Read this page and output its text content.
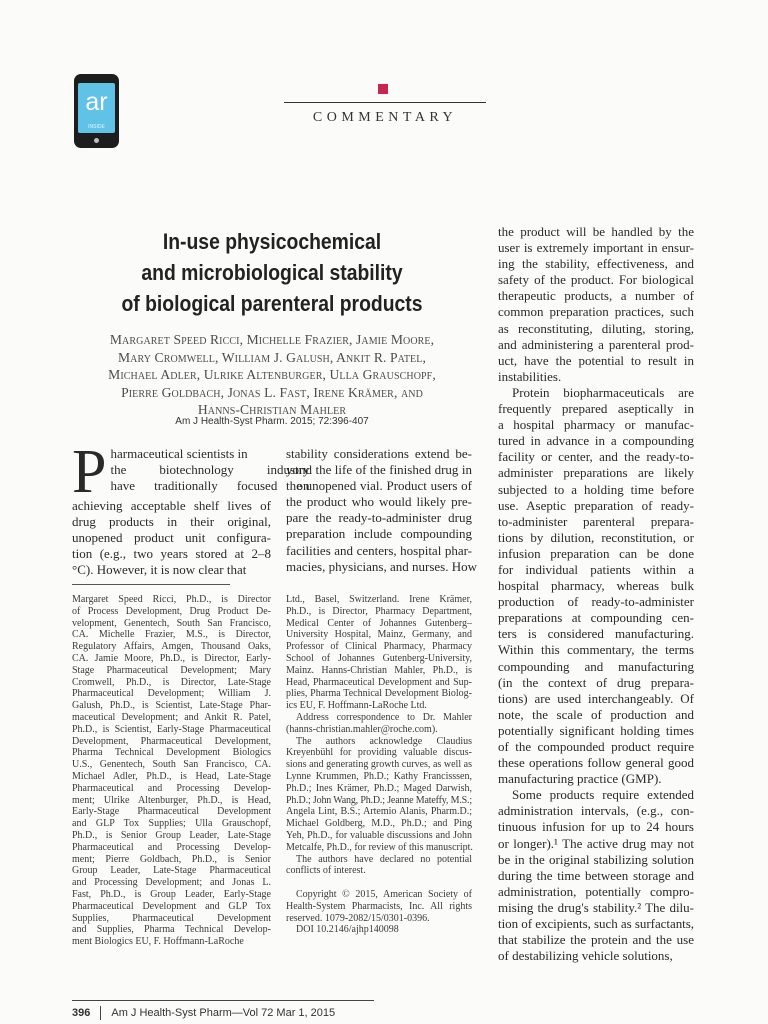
ar
INSIDE
COMMENTARY
In-use physicochemical
and microbiological stability
of biological parenteral products
Margaret Speed Ricci, Michelle Frazier, Jamie Moore,
Mary Cromwell, William J. Galush, Ankit R. Patel,
Michael Adler, Ulrike Altenburger, Ulla Grauschopf,
Pierre Goldbach, Jonas L. Fast, Irene Krämer, and
Hanns-Christian Mahler
Am J Health-Syst Pharm. 2015; 72:396-407
P harmaceutical scientists in
the biotechnology industry
have traditionally focused on
achieving acceptable shelf lives of
drug products in their original,
unopened product unit configura-
tion (e.g., two years stored at 2–8
°C). However, it is now clear that
stability considerations extend be-
yond the life of the finished drug in
the unopened vial. Product users of
the product who would likely pre-
pare the ready-to-administer drug
preparation include compounding
facilities and centers, hospital phar-
macies, physicians, and nurses. How
the product will be handled by the
user is extremely important in ensur-
ing the stability, effectiveness, and
safety of the product. For biological
therapeutic products, a number of
common preparation practices, such
as reconstituting, diluting, storing,
and administering a parenteral prod-
uct, have the potential to result in
instabilities.
Protein biopharmaceuticals are
frequently prepared aseptically in
a hospital pharmacy or manufac-
tured in advance in a compounding
facility or center, and the ready-to-
administer preparations are likely
subjected to a holding time before
use. Aseptic preparation of ready-
to-administer parenteral prepara-
tions by dilution, reconstitution, or
infusion preparation can be done
for individual patients within a
hospital pharmacy, whereas bulk
production of ready-to-administer
preparations at compounding cen-
ters is considered manufacturing.
Within this commentary, the terms
compounding and manufacturing
(in the context of drug prepara-
tions) are used interchangeably. Of
note, the scale of production and
potentially significant holding times
of the compounded product require
these operations follow general good
manufacturing practice (GMP).
Some products require extended
administration intervals, (e.g., con-
tinuous infusion for up to 24 hours
or longer).¹ The active drug may not
be in the original stabilizing solution
during the time between storage and
administration, potentially compro-
mising the drug's stability.² The dilu-
tion of excipients, such as surfactants,
that stabilize the protein and the use
of destabilizing vehicle solutions,
Margaret Speed Ricci, Ph.D., is Director
of Process Development, Drug Product De-
velopment, Genentech, South San Francisco,
CA. Michelle Frazier, M.S., is Director,
Regulatory Affairs, Amgen, Thousand Oaks,
CA. Jamie Moore, Ph.D., is Director, Early-
Stage Pharmaceutical Development; Mary
Cromwell, Ph.D., is Director, Late-Stage
Pharmaceutical Development; William J.
Galush, Ph.D., is Scientist, Late-Stage Phar-
maceutical Development; and Ankit R. Patel,
Ph.D., is Scientist, Early-Stage Pharmaceutical
Development, Pharmaceutical Development,
Pharma Technical Development Biologics
U.S., Genentech, South San Francisco, CA.
Michael Adler, Ph.D., is Head, Late-Stage
Pharmaceutical and Processing Develop-
ment; Ulrike Altenburger, Ph.D., is Head,
Early-Stage Pharmaceutical Development
and GLP Tox Supplies; Ulla Grauschopf,
Ph.D., is Senior Group Leader, Late-Stage
Pharmaceutical and Processing Develop-
ment; Pierre Goldbach, Ph.D., is Senior
Group Leader, Late-Stage Pharmaceutical
and Processing Development; and Jonas L.
Fast, Ph.D., is Group Leader, Early-Stage
Pharmaceutical Development and GLP Tox
Supplies, Pharmaceutical Development
and Supplies, Pharma Technical Develop-
ment Biologics EU, F. Hoffmann-LaRoche
Ltd., Basel, Switzerland. Irene Krämer,
Ph.D., is Director, Pharmacy Department,
Medical Center of Johannes Gutenberg–
University Hospital, Mainz, Germany, and
Professor of Clinical Pharmacy, Pharmacy
School of Johannes Gutenberg-University,
Mainz. Hanns-Christian Mahler, Ph.D., is
Head, Pharmaceutical Development and Sup-
plies, Pharma Technical Development Biolog-
ics EU, F. Hoffmann-LaRoche Ltd.
Address correspondence to Dr. Mahler
(hanns-christian.mahler@roche.com).
The authors acknowledge Claudius
Kreyenbühl for providing valuable discus-
sions and generating growth curves, as well as
Lynne Krummen, Ph.D.; Kathy Francisssen,
Ph.D.; Ines Krämer, Ph.D.; Maged Darwish,
Ph.D.; John Wang, Ph.D.; Jeanne Mateffy, M.S.;
Angela Lint, B.S.; Artemio Alanis, Pharm.D.;
Michael Goldberg, M.D., Ph.D.; and Ping
Yeh, Ph.D., for valuable discussions and John
Metcalfe, Ph.D., for review of this manuscript.
The authors have declared no potential
conflicts of interest.
Copyright © 2015, American Society of
Health-System Pharmacists, Inc. All rights
reserved. 1079-2082/15/0301-0396.
DOI 10.2146/ajhp140098
396 Am J Health-Syst Pharm—Vol 72 Mar 1, 2015
